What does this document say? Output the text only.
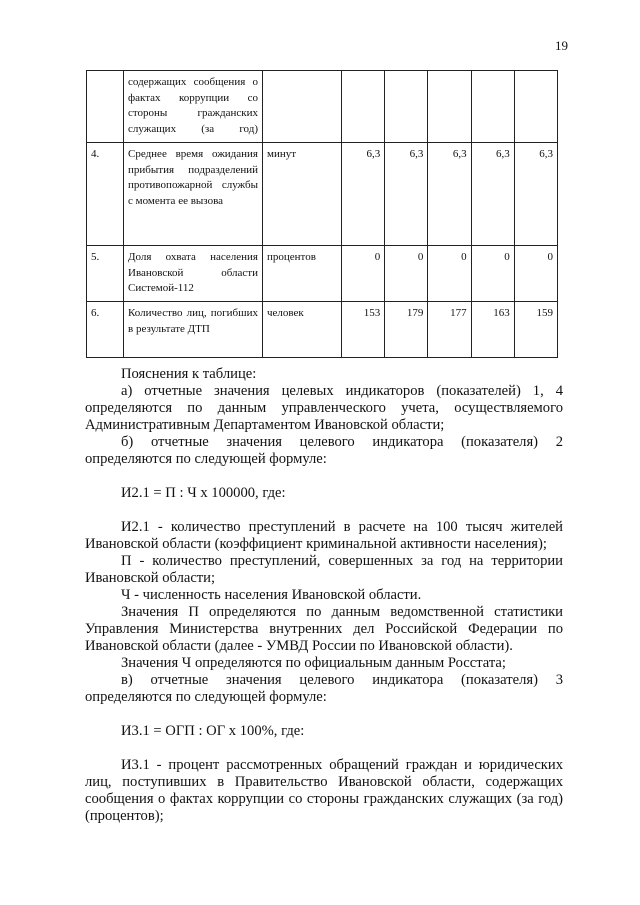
19
	содержащих сообщения о фактах коррупции со стороны гражданских служащих (за год)						
4.	Среднее время ожидания прибытия подразделений противопожарной службы с момента ее вызова	минут	6,3	6,3	6,3	6,3	6,3
5.	Доля охвата населения Ивановской области Системой-112	процентов	0	0	0	0	0
6.	Количество лиц, погибших в результате ДТП	человек	153	179	177	163	159

Пояснения к таблице:

а) отчетные значения целевых индикаторов (показателей) 1, 4 определяются по данным управленческого учета, осуществляемого Административным Департаментом Ивановской области;

б) отчетные значения целевого индикатора (показателя) 2 определяются по следующей формуле:

И2.1 = П : Ч х 100000, где:

И2.1 - количество преступлений в расчете на 100 тысяч жителей Ивановской области (коэффициент криминальной активности населения);

П - количество преступлений, совершенных за год на территории Ивановской области;

Ч - численность населения Ивановской области.

Значения П определяются по данным ведомственной статистики Управления Министерства внутренних дел Российской Федерации по Ивановской области (далее - УМВД России по Ивановской области).

Значения Ч определяются по официальным данным Росстата;

в) отчетные значения целевого индикатора (показателя) 3 определяются по следующей формуле:

И3.1 = ОГП : ОГ х 100%, где:

И3.1 - процент рассмотренных обращений граждан и юридических лиц, поступивших в Правительство Ивановской области, содержащих сообщения о фактах коррупции со стороны гражданских служащих (за год) (процентов);
